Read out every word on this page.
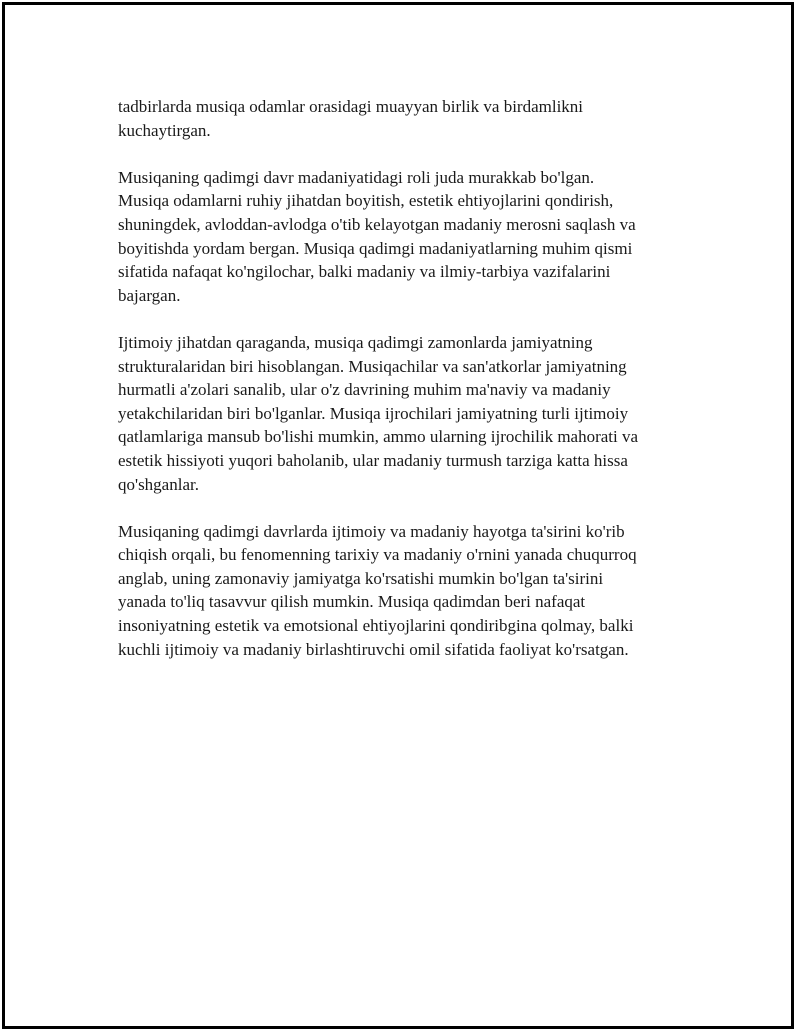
tadbirlarda musiqa odamlar orasidagi muayyan birlik va birdamlikni
kuchaytirgan.

Musiqaning qadimgi davr madaniyatidagi roli juda murakkab bo'lgan.
Musiqa odamlarni ruhiy jihatdan boyitish, estetik ehtiyojlarini qondirish,
shuningdek, avloddan-avlodga o'tib kelayotgan madaniy merosni saqlash va
boyitishda yordam bergan. Musiqa qadimgi madaniyatlarning muhim qismi
sifatida nafaqat ko'ngilochar, balki madaniy va ilmiy-tarbiya vazifalarini
bajargan.

Ijtimoiy jihatdan qaraganda, musiqa qadimgi zamonlarda jamiyatning
strukturalaridan biri hisoblangan. Musiqachilar va san'atkorlar jamiyatning
hurmatli a'zolari sanalib, ular o'z davrining muhim ma'naviy va madaniy
yetakchilaridan biri bo'lganlar. Musiqa ijrochilari jamiyatning turli ijtimoiy
qatlamlariga mansub bo'lishi mumkin, ammo ularning ijrochilik mahorati va
estetik hissiyoti yuqori baholanib, ular madaniy turmush tarziga katta hissa
qo'shganlar.

Musiqaning qadimgi davrlarda ijtimoiy va madaniy hayotga ta'sirini ko'rib
chiqish orqali, bu fenomenning tarixiy va madaniy o'rnini yanada chuqurroq
anglab, uning zamonaviy jamiyatga ko'rsatishi mumkin bo'lgan ta'sirini
yanada to'liq tasavvur qilish mumkin. Musiqa qadimdan beri nafaqat
insoniyatning estetik va emotsional ehtiyojlarini qondiribgina qolmay, balki
kuchli ijtimoiy va madaniy birlashtiruvchi omil sifatida faoliyat ko'rsatgan.
